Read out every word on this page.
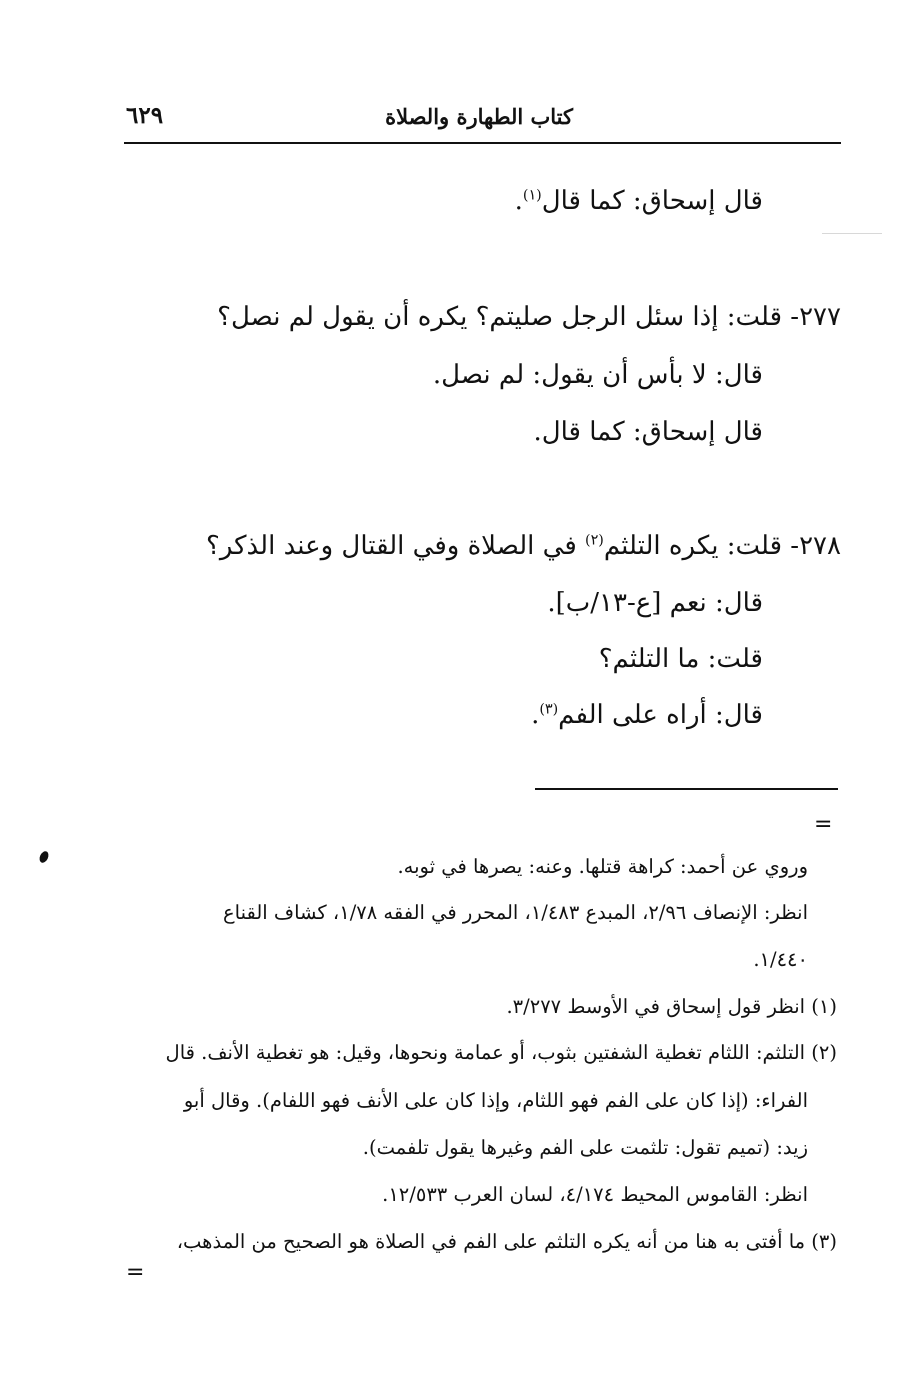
كتاب الطهارة والصلاة
٦٢٩
قال إسحاق: كما قال$^{(١)}$.
٢٧٧- قلت: إذا سئل الرجل صليتم؟ يكره أن يقول لم نصل؟
قال: لا بأس أن يقول: لم نصل.
قال إسحاق: كما قال.
٢٧٨- قلت: يكره التلثم$^{(٢)}$ في الصلاة وفي القتال وعند الذكر؟
قال: نعم [ع-١٣/ب].
قلت: ما التلثم؟
قال: أراه على الفم$^{(٣)}$.
=
وروي عن أحمد: كراهة قتلها. وعنه: يصرها في ثوبه.
انظر: الإنصاف ٢/٩٦، المبدع ١/٤٨٣، المحرر في الفقه ١/٧٨، كشاف القناع
١/٤٤٠.
(١) انظر قول إسحاق في الأوسط ٣/٢٧٧.
(٢) التلثم: اللثام تغطية الشفتين بثوب، أو عمامة ونحوها، وقيل: هو تغطية الأنف. قال
الفراء: (إذا كان على الفم فهو اللثام، وإذا كان على الأنف فهو اللفام). وقال أبو
زيد: (تميم تقول: تلثمت على الفم وغيرها يقول تلفمت).
انظر: القاموس المحيط ٤/١٧٤، لسان العرب ١٢/٥٣٣.
(٣) ما أفتى به هنا من أنه يكره التلثم على الفم في الصلاة هو الصحيح من المذهب،
=
